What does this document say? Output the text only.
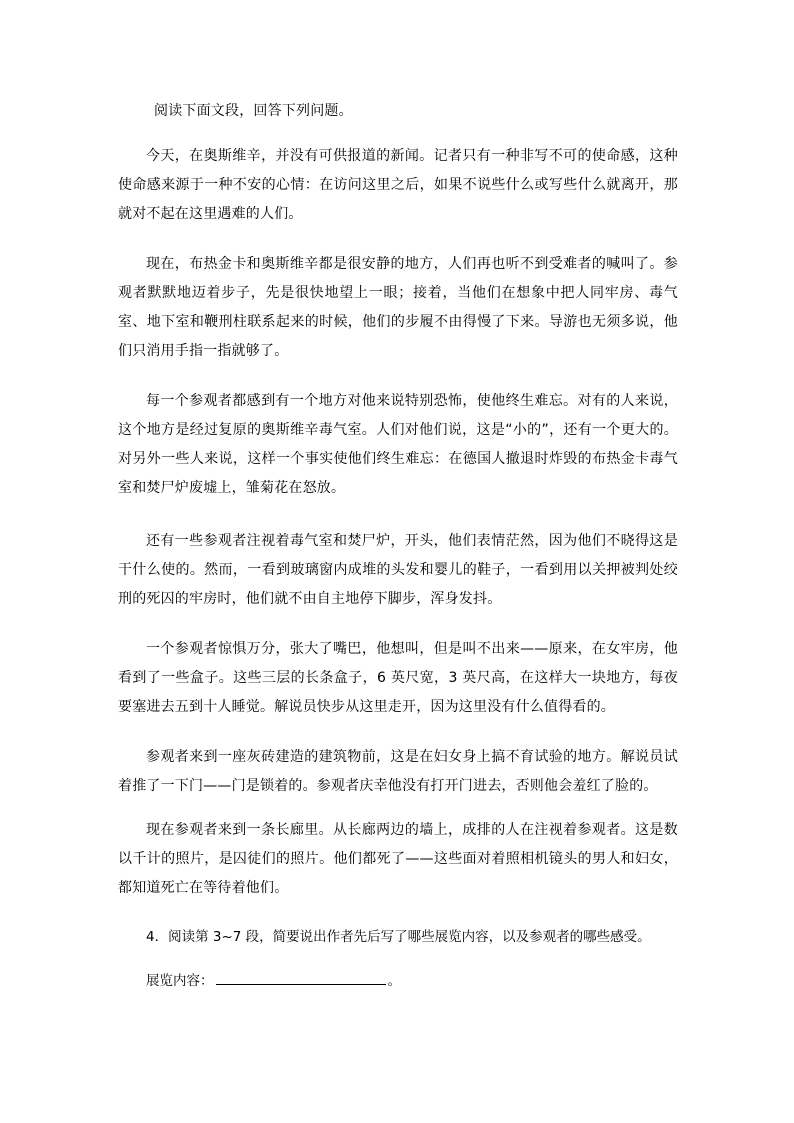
阅读下面文段，回答下列问题。
今天，在奥斯维辛，并没有可供报道的新闻。记者只有一种非写不可的使命感，这种使命感来源于一种不安的心情：在访问这里之后，如果不说些什么或写些什么就离开，那就对不起在这里遇难的人们。
现在，布热金卡和奥斯维辛都是很安静的地方，人们再也听不到受难者的喊叫了。参观者默默地迈着步子，先是很快地望上一眼；接着，当他们在想象中把人同牢房、毒气室、地下室和鞭刑柱联系起来的时候，他们的步履不由得慢了下来。导游也无须多说，他们只消用手指一指就够了。
每一个参观者都感到有一个地方对他来说特别恐怖，使他终生难忘。对有的人来说，这个地方是经过复原的奥斯维辛毒气室。人们对他们说，这是“小的”，还有一个更大的。对另外一些人来说，这样一个事实使他们终生难忘：在德国人撤退时炸毁的布热金卡毒气室和焚尸炉废墟上，雏菊花在怒放。
还有一些参观者注视着毒气室和焚尸炉，开头，他们表情茫然，因为他们不晓得这是干什么使的。然而，一看到玻璃窗内成堆的头发和婴儿的鞋子，一看到用以关押被判处绞刑的死囚的牢房时，他们就不由自主地停下脚步，浑身发抖。
一个参观者惊惧万分，张大了嘴巴，他想叫，但是叫不出来——原来，在女牢房，他看到了一些盒子。这些三层的长条盒子，6 英尺宽，3 英尺高，在这样大一块地方，每夜要塞进去五到十人睡觉。解说员快步从这里走开，因为这里没有什么值得看的。
参观者来到一座灰砖建造的建筑物前，这是在妇女身上搞不育试验的地方。解说员试着推了一下门——门是锁着的。参观者庆幸他没有打开门进去，否则他会羞红了脸的。
现在参观者来到一条长廊里。从长廊两边的墙上，成排的人在注视着参观者。这是数以千计的照片，是囚徒们的照片。他们都死了——这些面对着照相机镜头的男人和妇女，都知道死亡在等待着他们。
4．阅读第 3~7 段，简要说出作者先后写了哪些展览内容，以及参观者的哪些感受。
展览内容：	。
